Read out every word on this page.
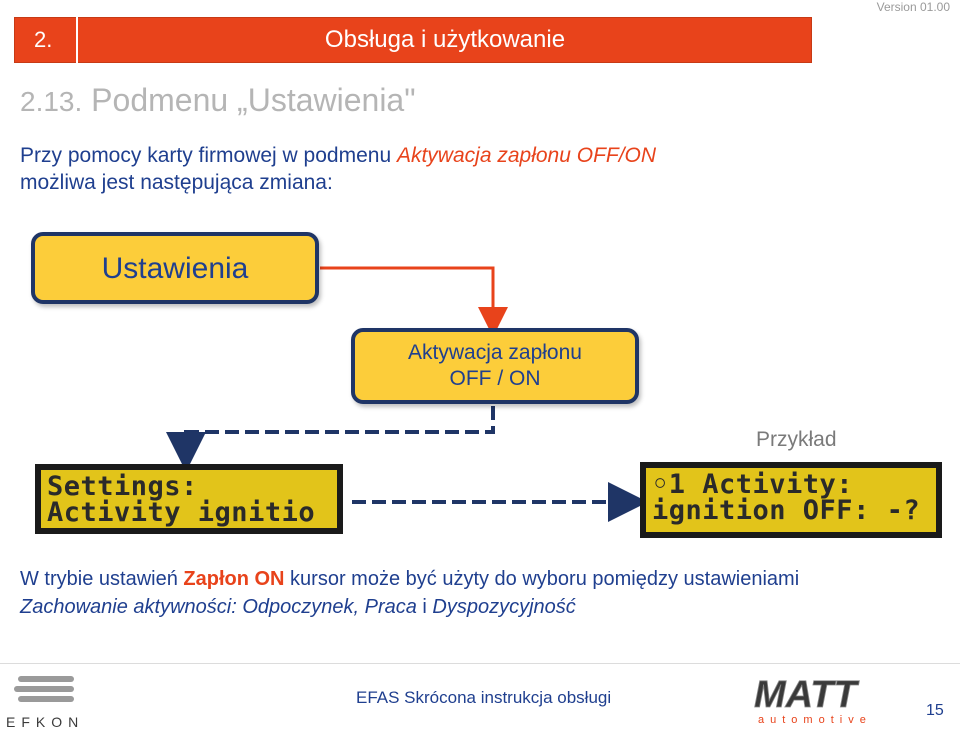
2.	Obsługa i użytkowanie
Version 01.00
2.13. Podmenu „Ustawienia"
Przy pomocy karty firmowej w podmenu Aktywacja zapłonu OFF/ON
możliwa jest następująca zmiana:
Ustawienia
Aktywacja zapłonu
OFF / ON
Przykład
Settings:
Activity ignitio
◦1 Activity:
ignition OFF: -?
W trybie ustawień Zapłon ON kursor może być użyty do wyboru pomiędzy ustawieniami
Zachowanie aktywności: Odpoczynek, Praca i Dyspozycyjność
EFKON
EFAS Skrócona instrukcja obsługi	MATT
automotive
15
